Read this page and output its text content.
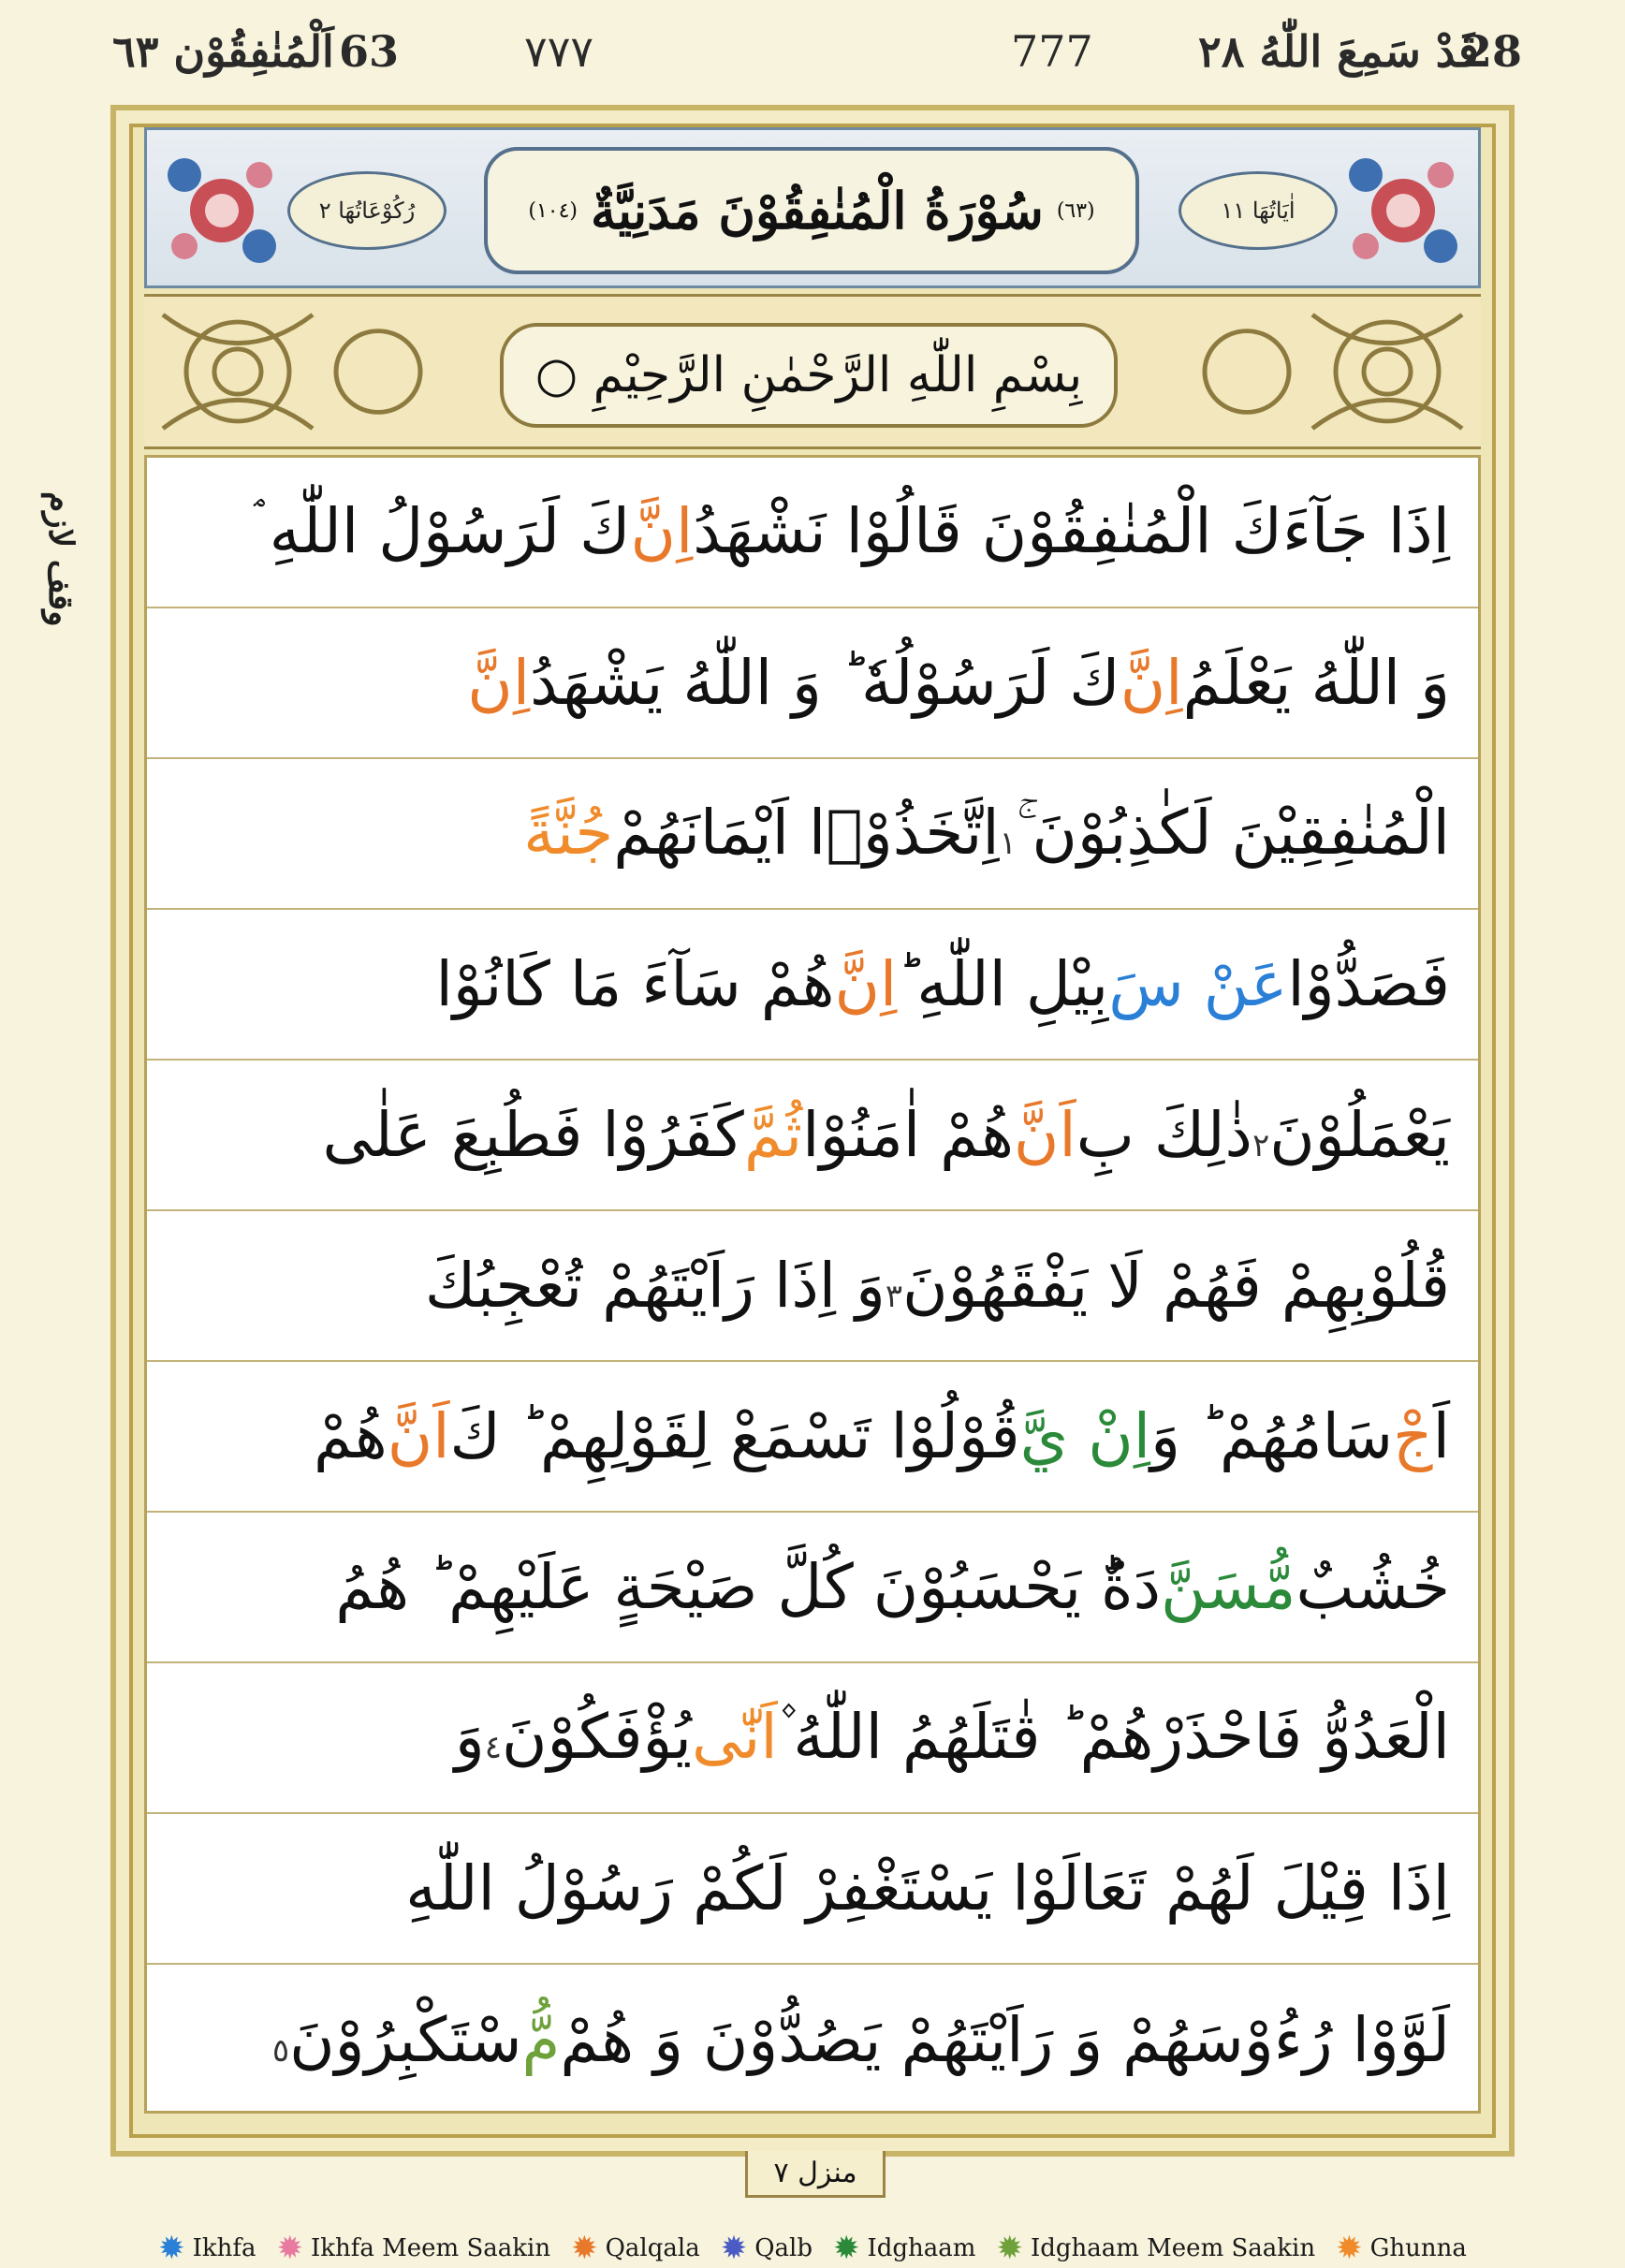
اَلْمُنٰفِقُوْن ٦٣ 63	٧٧٧	777 قَدْ سَمِعَ اللّٰهُ ٢٨
28
وقف لازم
رُكُوْعَاتُهَا ٢	(٦٣)
سُوْرَةُ الْمُنٰفِقُوْنَ مَدَنِيَّةٌ
(١٠٤)	اٰيَاتُهَا ١١
بِسْمِ اللّٰهِ الرَّحْمٰنِ الرَّحِيْمِ ○
اِذَا جَآءَكَ الْمُنٰفِقُوْنَ قَالُوْا نَشْهَدُاِنَّكَ لَرَسُوْلُ اللّٰهِ ۘ
وَ اللّٰهُ يَعْلَمُاِنَّكَ لَرَسُوْلُهٗ ؕ وَ اللّٰهُ يَشْهَدُاِنَّ
الْمُنٰفِقِيْنَ لَكٰذِبُوْنَ ۚ١اِتَّخَذُوْۤا اَيْمَانَهُمْجُنَّةً
فَصَدُّوْاعَنْ سَبِيْلِ اللّٰهِ ؕاِنَّهُمْ سَآءَ مَا كَانُوْا
يَعْمَلُوْنَ٢ذٰلِكَ بِاَنَّهُمْ اٰمَنُوْاثُمَّكَفَرُوْا فَطُبِعَ عَلٰى
قُلُوْبِهِمْ فَهُمْ لَا يَفْقَهُوْنَ٣وَ اِذَا رَاَيْتَهُمْ تُعْجِبُكَ
اَجْسَامُهُمْ ؕ وَاِنْ يَّقُوْلُوْا تَسْمَعْ لِقَوْلِهِمْ ؕ كَاَنَّهُمْ
خُشُبٌمُّسَنَّدَةٌؕ يَحْسَبُوْنَ كُلَّ صَيْحَةٍ عَلَيْهِمْ ؕ هُمُ
الْعَدُوُّ فَاحْذَرْهُمْ ؕ قٰتَلَهُمُ اللّٰهُ ۫اَنّٰىيُؤْفَكُوْنَ٤وَ
اِذَا قِيْلَ لَهُمْ تَعَالَوْا يَسْتَغْفِرْ لَكُمْ رَسُوْلُ اللّٰهِ
لَوَّوْا رُءُوْسَهُمْ وَ رَاَيْتَهُمْ يَصُدُّوْنَ وَ هُمْمُّسْتَكْبِرُوْنَ٥
منزل ٧
✹ Ikhfa ✹ Ikhfa Meem Saakin ✹ Qalqala ✹ Qalb ✹ Idghaam ✹ Idghaam Meem Saakin ✹ Ghunna
